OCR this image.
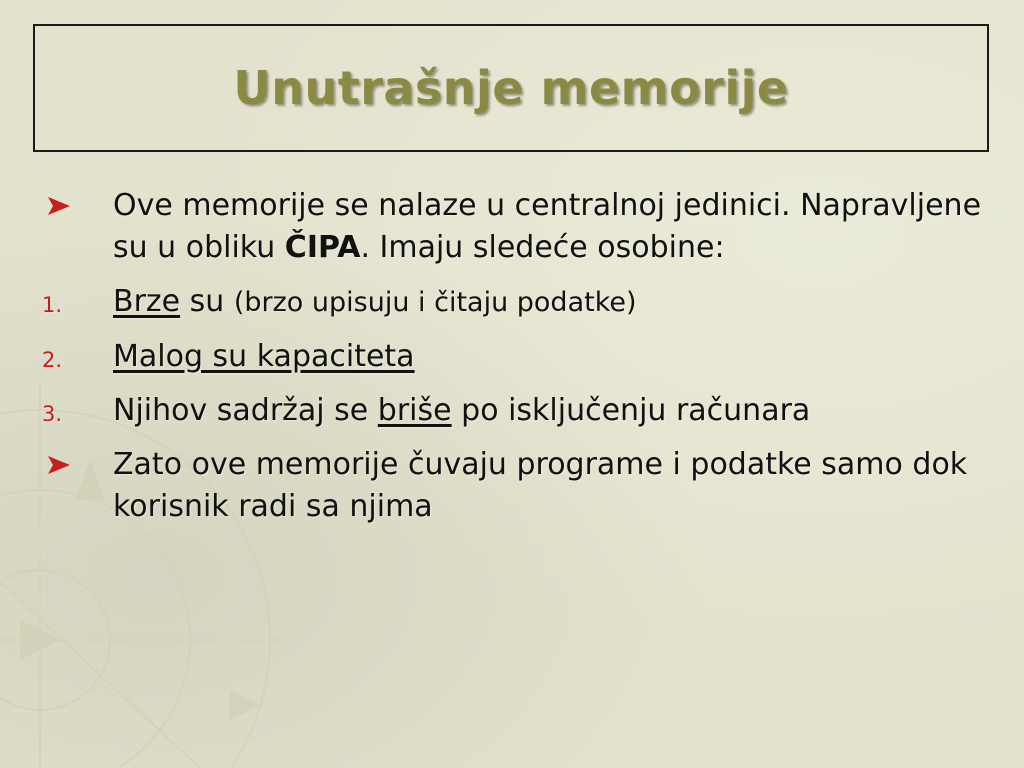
Unutrašnje memorije
Ove memorije se nalaze u centralnoj jedinici. Napravljene su u obliku ČIPA. Imaju sledeće osobine:
1.	Brze su (brzo upisuju i čitaju podatke)
2.	Malog su kapaciteta
3.	Njihov sadržaj se briše po isključenju računara
Zato ove memorije čuvaju programe i podatke samo dok korisnik radi sa njima
